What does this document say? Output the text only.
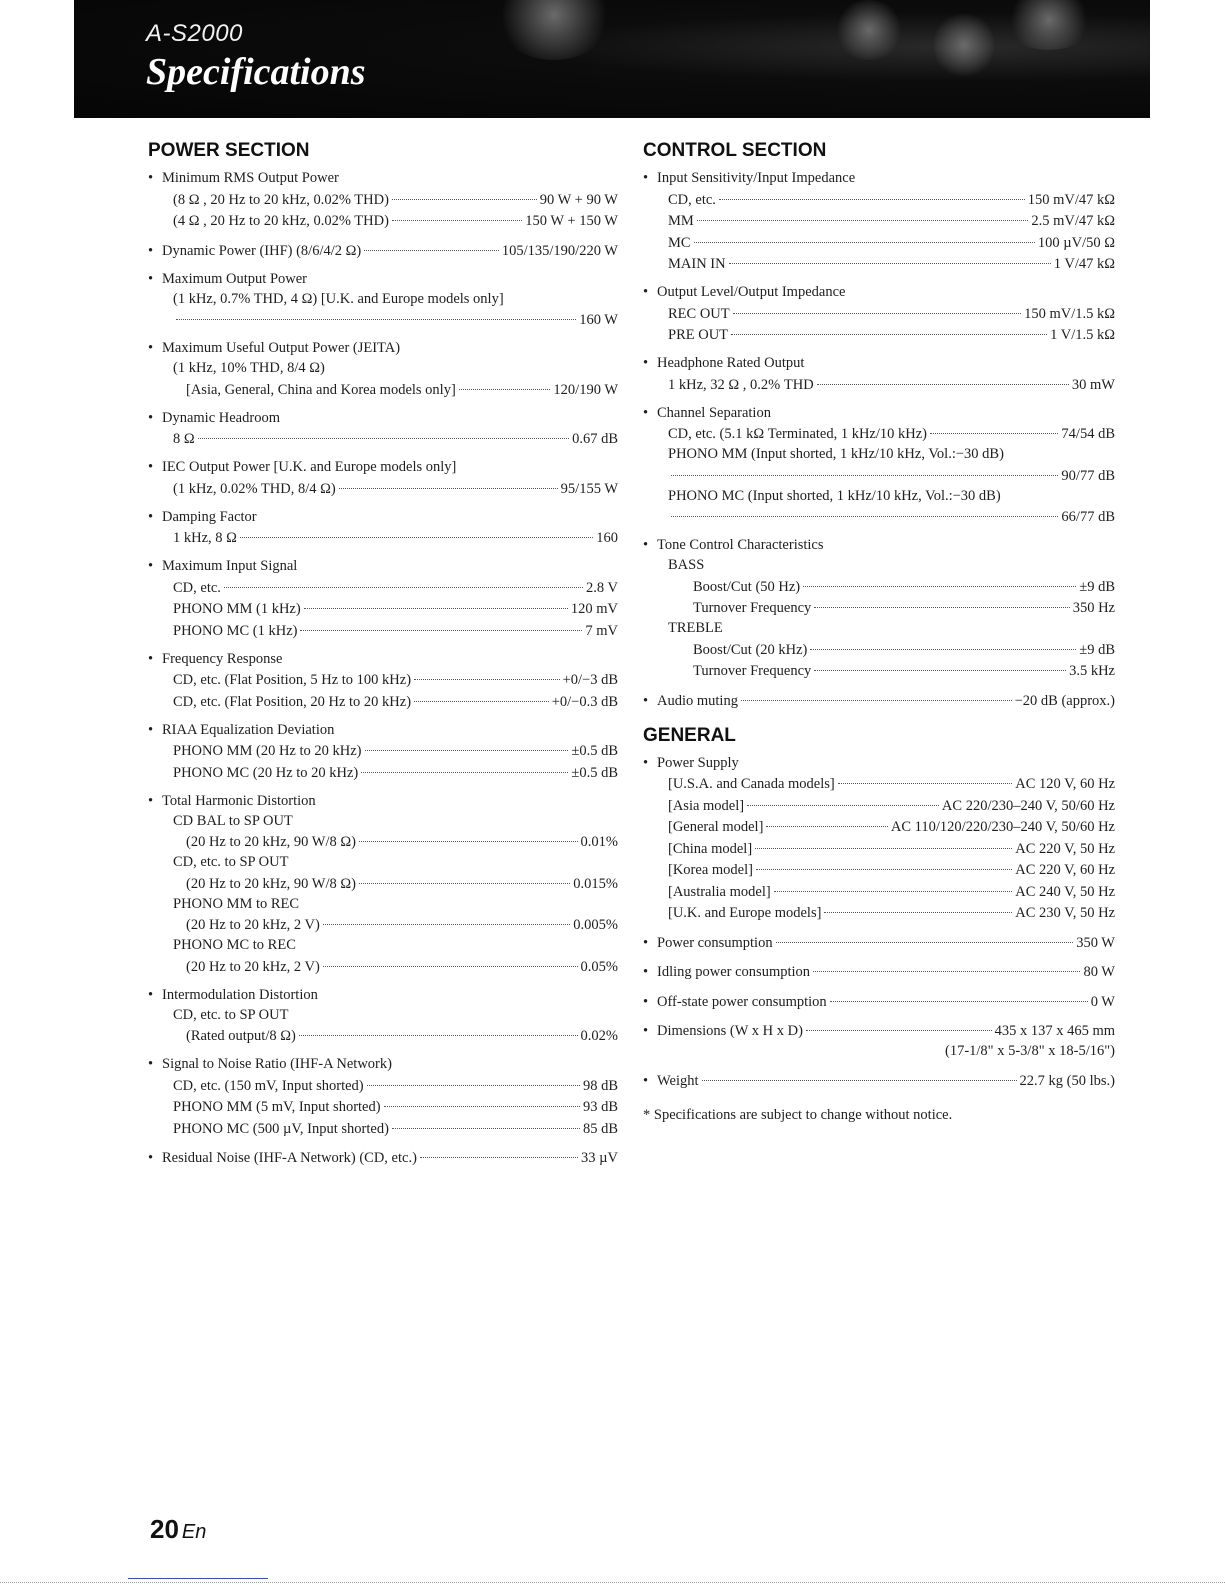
A-S2000
Specifications
POWER SECTION
• Minimum RMS Output Power
(8 Ω , 20 Hz to 20 kHz, 0.02% THD)	90 W + 90 W
(4 Ω , 20 Hz to 20 kHz, 0.02% THD)	150 W + 150 W
• Dynamic Power (IHF) (8/6/4/2 Ω)	105/135/190/220 W
• Maximum Output Power
(1 kHz, 0.7% THD, 4 Ω) [U.K. and Europe models only]
160 W
• Maximum Useful Output Power (JEITA)
(1 kHz, 10% THD, 8/4 Ω)
[Asia, General, China and Korea models only]	120/190 W
• Dynamic Headroom
8 Ω	0.67 dB
• IEC Output Power [U.K. and Europe models only]
(1 kHz, 0.02% THD, 8/4 Ω)	95/155 W
• Damping Factor
1 kHz, 8 Ω	160
• Maximum Input Signal
CD, etc.	2.8 V
PHONO MM (1 kHz)	120 mV
PHONO MC (1 kHz)	7 mV
• Frequency Response
CD, etc. (Flat Position, 5 Hz to 100 kHz)	+0/−3 dB
CD, etc. (Flat Position, 20 Hz to 20 kHz)	+0/−0.3 dB
• RIAA Equalization Deviation
PHONO MM (20 Hz to 20 kHz)	±0.5 dB
PHONO MC (20 Hz to 20 kHz)	±0.5 dB
• Total Harmonic Distortion
CD BAL to SP OUT
(20 Hz to 20 kHz, 90 W/8 Ω)	0.01%
CD, etc. to SP OUT
(20 Hz to 20 kHz, 90 W/8 Ω)	0.015%
PHONO MM to REC
(20 Hz to 20 kHz, 2 V)	0.005%
PHONO MC to REC
(20 Hz to 20 kHz, 2 V)	0.05%
• Intermodulation Distortion
CD, etc. to SP OUT
(Rated output/8 Ω)	0.02%
• Signal to Noise Ratio (IHF-A Network)
CD, etc. (150 mV, Input shorted)	98 dB
PHONO MM (5 mV, Input shorted)	93 dB
PHONO MC (500 µV, Input shorted)	85 dB
• Residual Noise (IHF-A Network) (CD, etc.)	33 µV
CONTROL SECTION
• Input Sensitivity/Input Impedance
CD, etc.	150 mV/47 kΩ
MM	2.5 mV/47 kΩ
MC	100 µV/50 Ω
MAIN IN	1 V/47 kΩ
• Output Level/Output Impedance
REC OUT	150 mV/1.5 kΩ
PRE OUT	1 V/1.5 kΩ
• Headphone Rated Output
1 kHz, 32 Ω , 0.2% THD	30 mW
• Channel Separation
CD, etc. (5.1 kΩ Terminated, 1 kHz/10 kHz)	74/54 dB
PHONO MM (Input shorted, 1 kHz/10 kHz, Vol.:−30 dB)
90/77 dB
PHONO MC (Input shorted, 1 kHz/10 kHz, Vol.:−30 dB)
66/77 dB
• Tone Control Characteristics
BASS
Boost/Cut (50 Hz)	±9 dB
Turnover Frequency	350 Hz
TREBLE
Boost/Cut (20 kHz)	±9 dB
Turnover Frequency	3.5 kHz
• Audio muting	−20 dB (approx.)
GENERAL
• Power Supply
[U.S.A. and Canada models]	AC 120 V, 60 Hz
[Asia model]	AC 220/230–240 V, 50/60 Hz
[General model]	AC 110/120/220/230–240 V, 50/60 Hz
[China model]	AC 220 V, 50 Hz
[Korea model]	AC 220 V, 60 Hz
[Australia model]	AC 240 V, 50 Hz
[U.K. and Europe models]	AC 230 V, 50 Hz
• Power consumption	350 W
• Idling power consumption	80 W
• Off-state power consumption	0 W
• Dimensions (W x H x D)	435 x 137 x 465 mm
(17-1/8" x 5-3/8" x 18-5/16")
• Weight	22.7 kg (50 lbs.)
* Specifications are subject to change without notice.
20 En
